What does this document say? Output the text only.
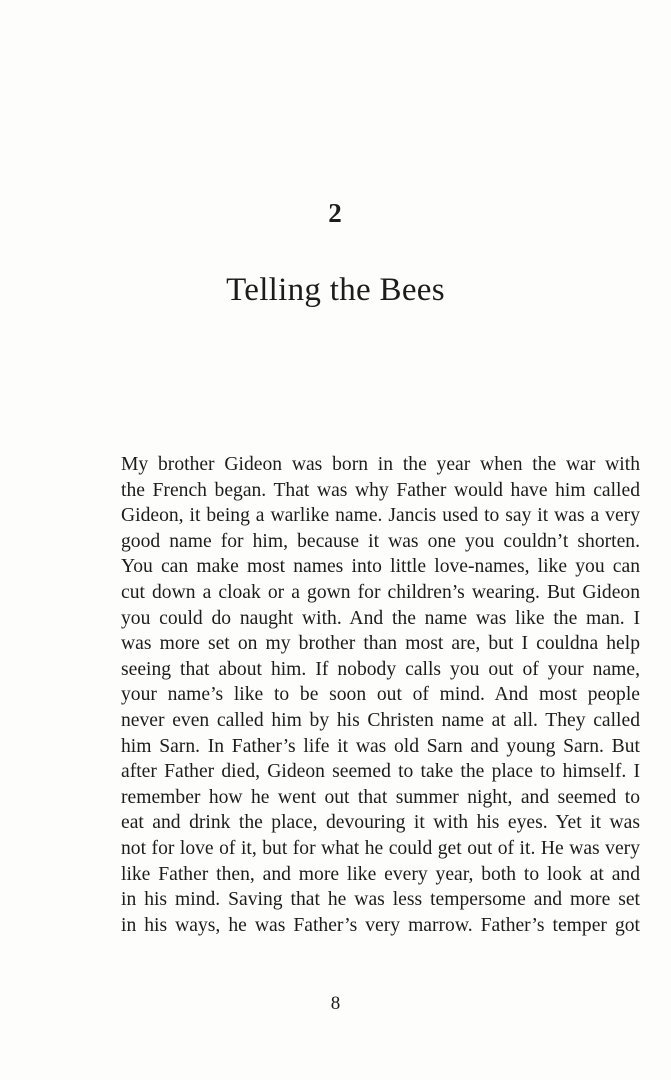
2
Telling the Bees
My brother Gideon was born in the year when the war with
the French began. That was why Father would have him called
Gideon, it being a warlike name. Jancis used to say it was a very
good name for him, because it was one you couldn’t shorten.
You can make most names into little love-names, like you can
cut down a cloak or a gown for children’s wearing. But Gideon
you could do naught with. And the name was like the man. I
was more set on my brother than most are, but I couldna help
seeing that about him. If nobody calls you out of your name,
your name’s like to be soon out of mind. And most people
never even called him by his Christen name at all. They called
him Sarn. In Father’s life it was old Sarn and young Sarn. But
after Father died, Gideon seemed to take the place to himself. I
remember how he went out that summer night, and seemed to
eat and drink the place, devouring it with his eyes. Yet it was
not for love of it, but for what he could get out of it. He was very
like Father then, and more like every year, both to look at and
in his mind. Saving that he was less tempersome and more set
in his ways, he was Father’s very marrow. Father’s temper got
8
